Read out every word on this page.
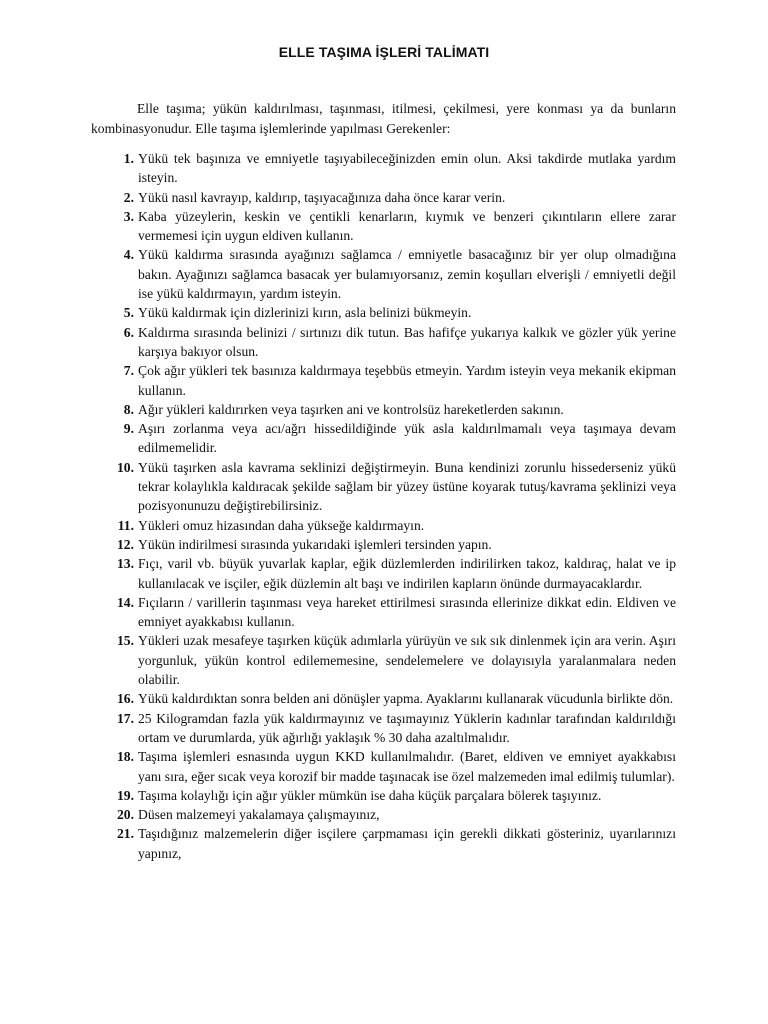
ELLE TAŞIMA İŞLERİ TALİMATI

Elle taşıma; yükün kaldırılması, taşınması, itilmesi, çekilmesi, yere konması ya da bunların kombinasyonudur. Elle taşıma işlemlerinde yapılması Gerekenler:

1. Yükü tek başınıza ve emniyetle taşıyabileceğinizden emin olun. Aksi takdirde mutlaka yardım isteyin.
2. Yükü nasıl kavrayıp, kaldırıp, taşıyacağınıza daha önce karar verin.
3. Kaba yüzeylerin, keskin ve çentikli kenarların, kıymık ve benzeri çıkıntıların ellere zarar vermemesi için uygun eldiven kullanın.
4. Yükü kaldırma sırasında ayağınızı sağlamca / emniyetle basacağınız bir yer olup olmadığına bakın. Ayağınızı sağlamca basacak yer bulamıyorsanız, zemin koşulları elverişli / emniyetli değil ise yükü kaldırmayın, yardım isteyin.
5. Yükü kaldırmak için dizlerinizi kırın, asla belinizi bükmeyin.
6. Kaldırma sırasında belinizi / sırtınızı dik tutun. Bas hafifçe yukarıya kalkık ve gözler yük yerine karşıya bakıyor olsun.
7. Çok ağır yükleri tek basınıza kaldırmaya teşebbüs etmeyin. Yardım isteyin veya mekanik ekipman kullanın.
8. Ağır yükleri kaldırırken veya taşırken ani ve kontrolsüz hareketlerden sakının.
9. Aşırı zorlanma veya acı/ağrı hissedildiğinde yük asla kaldırılmamalı veya taşımaya devam edilmemelidir.
10. Yükü taşırken asla kavrama seklinizi değiştirmeyin. Buna kendinizi zorunlu hissederseniz yükü tekrar kolaylıkla kaldıracak şekilde sağlam bir yüzey üstüne koyarak tutuş/kavrama şeklinizi veya pozisyonunuzu değiştirebilirsiniz.
11. Yükleri omuz hizasından daha yükseğe kaldırmayın.
12. Yükün indirilmesi sırasında yukarıdaki işlemleri tersinden yapın.
13. Fıçı, varil vb. büyük yuvarlak kaplar, eğik düzlemlerden indirilirken takoz, kaldıraç, halat ve ip kullanılacak ve isçiler, eğik düzlemin alt başı ve indirilen kapların önünde durmayacaklardır.
14. Fıçıların / varillerin taşınması veya hareket ettirilmesi sırasında ellerinize dikkat edin. Eldiven ve emniyet ayakkabısı kullanın.
15. Yükleri uzak mesafeye taşırken küçük adımlarla yürüyün ve sık sık dinlenmek için ara verin. Aşırı yorgunluk, yükün kontrol edilememesine, sendelemelere ve dolayısıyla yaralanmalara neden olabilir.
16. Yükü kaldırdıktan sonra belden ani dönüşler yapma. Ayaklarını kullanarak vücudunla birlikte dön.
17. 25 Kilogramdan fazla yük kaldırmayınız ve taşımayınız Yüklerin kadınlar tarafından kaldırıldığı ortam ve durumlarda, yük ağırlığı yaklaşık % 30 daha azaltılmalıdır.
18. Taşıma işlemleri esnasında uygun KKD kullanılmalıdır. (Baret, eldiven ve emniyet ayakkabısı yanı sıra, eğer sıcak veya korozif bir madde taşınacak ise özel malzemeden imal edilmiş tulumlar).
19. Taşıma kolaylığı için ağır yükler mümkün ise daha küçük parçalara bölerek taşıyınız.
20. Düsen malzemeyi yakalamaya çalışmayınız,
21. Taşıdığınız malzemelerin diğer isçilere çarpmaması için gerekli dikkati gösteriniz, uyarılarınızı yapınız,
